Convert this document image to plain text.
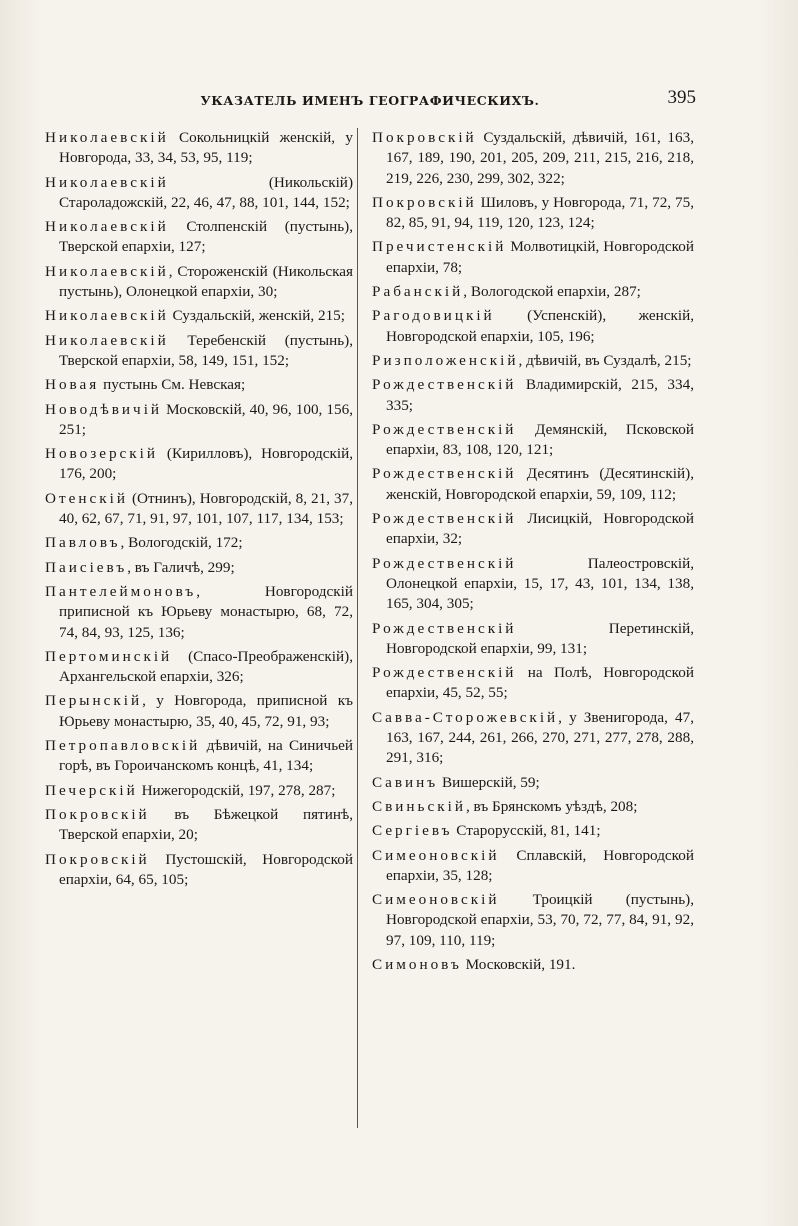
УКАЗАТЕЛЬ ИМЕНЪ ГЕОГРАФИЧЕСКИХЪ.	395

Николаевскій Сокольницкій женскій, у Новгорода, 33, 34, 53, 95, 119;

Николаевскій (Никольскій) Староладожскій, 22, 46, 47, 88, 101, 144, 152;

Николаевскій Столпенскій (пустынь), Тверской епархіи, 127;

Николаевскій, Стороженскій (Никольская пустынь), Олонецкой епархіи, 30;

Николаевскій Суздальскій, женскій, 215;

Николаевскій Теребенскій (пустынь), Тверской епархіи, 58, 149, 151, 152;

Новая пустынь См. Невская;

Новодѣвичій Московскій, 40, 96, 100, 156, 251;

Новозерскій (Кирилловъ), Новгородскій, 176, 200;

Отенскій (Отнинъ), Новгородскій, 8, 21, 37, 40, 62, 67, 71, 91, 97, 101, 107, 117, 134, 153;

Павловъ, Вологодскій, 172;

Паисіевъ, въ Галичѣ, 299;

Пантелеймоновъ, Новгородскій приписной къ Юрьеву монастырю, 68, 72, 74, 84, 93, 125, 136;

Пертоминскій (Спасо-Преображенскій), Архангельской епархіи, 326;

Перынскій, у Новгорода, приписной къ Юрьеву монастырю, 35, 40, 45, 72, 91, 93;

Петропавловскій дѣвичій, на Синичьей горѣ, въ Гороичанскомъ концѣ, 41, 134;

Печерскій Нижегородскій, 197, 278, 287;

Покровскій въ Бѣжецкой пятинѣ, Тверской епархіи, 20;

Покровскій Пустошскій, Новгородской епархіи, 64, 65, 105;

Покровскій Суздальскій, дѣвичій, 161, 163, 167, 189, 190, 201, 205, 209, 211, 215, 216, 218, 219, 226, 230, 299, 302, 322;

Покровскій Шиловъ, у Новгорода, 71, 72, 75, 82, 85, 91, 94, 119, 120, 123, 124;

Пречистенскій Молвотицкій, Новгородской епархіи, 78;

Рабанскій, Вологодской епархіи, 287;

Рагодовицкій (Успенскій), женскій, Новгородской епархіи, 105, 196;

Ризположенскій, дѣвичій, въ Суздалѣ, 215;

Рождественскій Владимирскій, 215, 334, 335;

Рождественскій Демянскій, Псковской епархіи, 83, 108, 120, 121;

Рождественскій Десятинъ (Десятинскій), женскій, Новгородской епархіи, 59, 109, 112;

Рождественскій Лисицкій, Новгородской епархіи, 32;

Рождественскій Палеостровскій, Олонецкой епархіи, 15, 17, 43, 101, 134, 138, 165, 304, 305;

Рождественскій Перетинскій, Новгородской епархіи, 99, 131;

Рождественскій на Полѣ, Новгородской епархіи, 45, 52, 55;

Савва-Сторожевскій, у Звенигорода, 47, 163, 167, 244, 261, 266, 270, 271, 277, 278, 288, 291, 316;

Савинъ Вишерскій, 59;

Свиньскій, въ Брянскомъ уѣздѣ, 208;

Сергіевъ Старорусскій, 81, 141;

Симеоновскій Сплавскій, Новгородской епархіи, 35, 128;

Симеоновскій Троицкій (пустынь), Новгородской епархіи, 53, 70, 72, 77, 84, 91, 92, 97, 109, 110, 119;

Симоновъ Московскій, 191.
